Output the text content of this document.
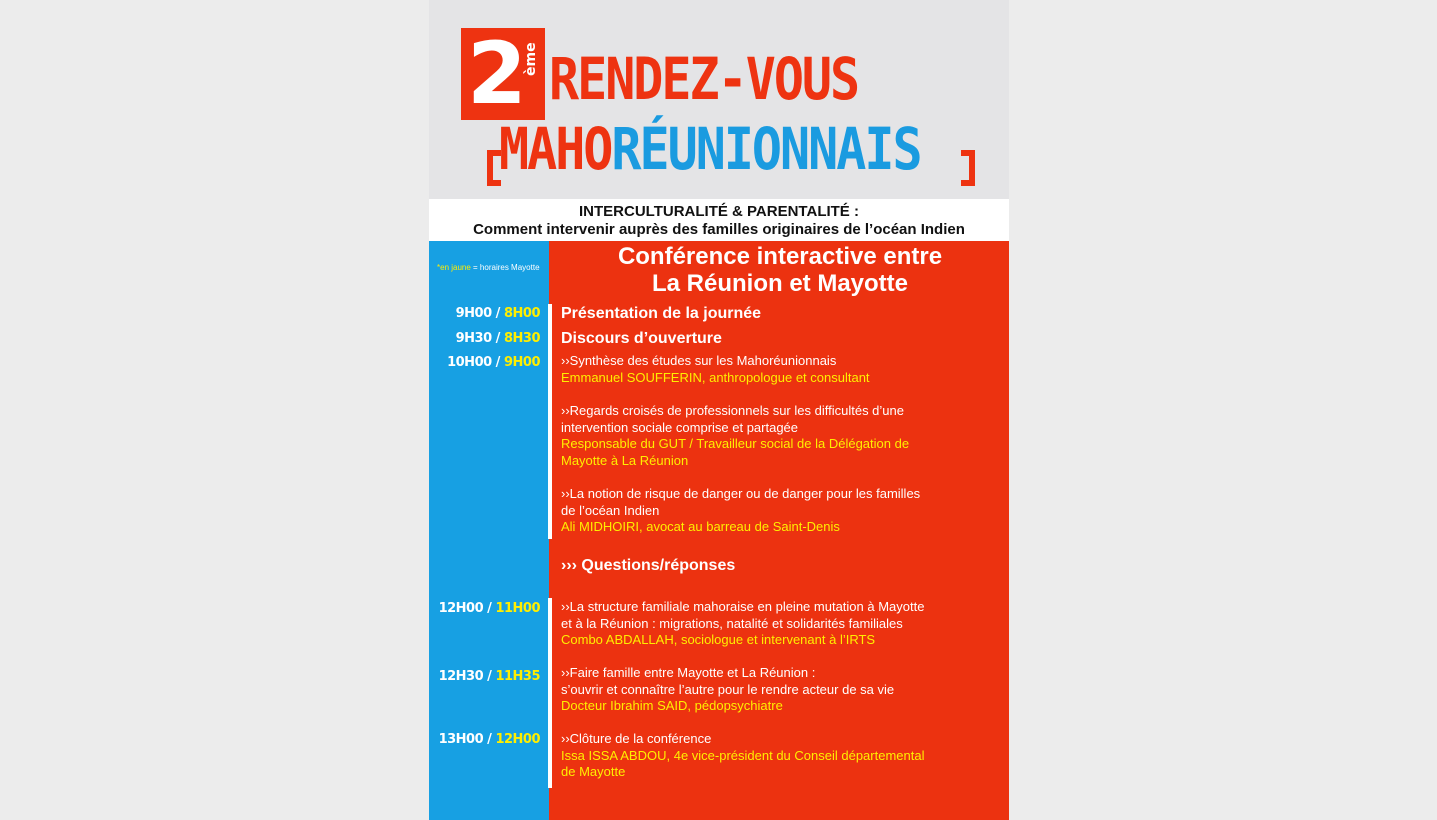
2
ème RENDEZ-VOUS
MAHORÉUNIONNAIS
INTERCULTURALITÉ & PARENTALITÉ :
Comment intervenir auprès des familles originaires de l’océan Indien
*en jaune = horaires Mayotte	Conférence interactive entre
La Réunion et Mayotte
9H00 / 8H00 Présentation de la journée
9H30 / 8H30 Discours d’ouverture
10H00 / 9H00 ››Synthèse des études sur les Mahoréunionnais
Emmanuel SOUFFERIN, anthropologue et consultant
››Regards croisés de professionnels sur les difficultés d’une
intervention sociale comprise et partagée
Responsable du GUT / Travailleur social de la Délégation de
Mayotte à La Réunion
››La notion de risque de danger ou de danger pour les familles
de l’océan Indien
Ali MIDHOIRI, avocat au barreau de Saint-Denis
››› Questions/réponses
12H00 / 11H00 ››La structure familiale mahoraise en pleine mutation à Mayotte
et à la Réunion : migrations, natalité et solidarités familiales
Combo ABDALLAH, sociologue et intervenant à l’IRTS
12H30 / 11H35 ››Faire famille entre Mayotte et La Réunion :
s’ouvrir et connaître l’autre pour le rendre acteur de sa vie
Docteur Ibrahim SAID, pédopsychiatre
13H00 / 12H00 ››Clôture de la conférence
Issa ISSA ABDOU, 4e vice-président du Conseil départemental
de Mayotte
